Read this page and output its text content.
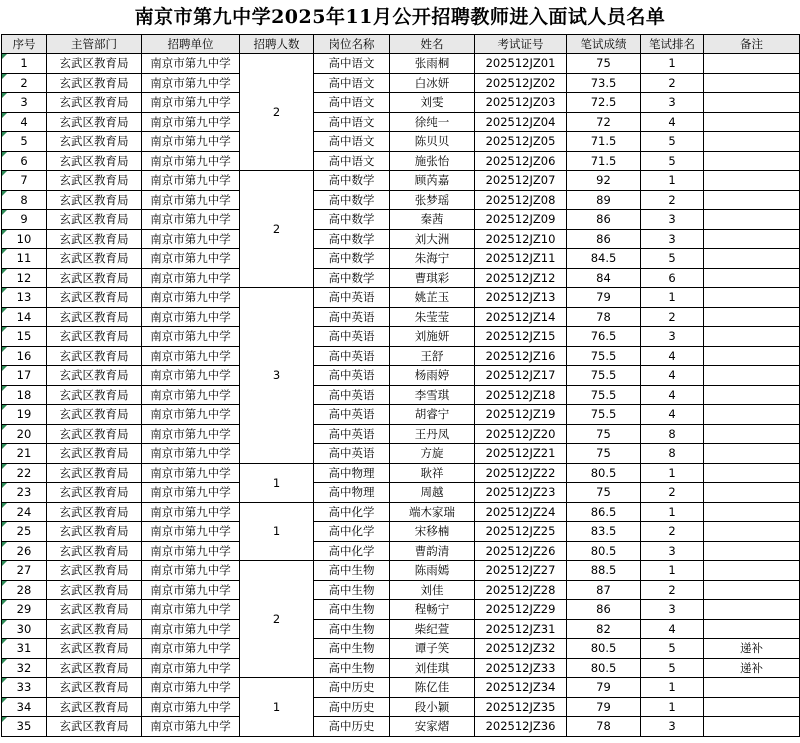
南京市第九中学2025年11月公开招聘教师进入面试人员名单
序号	主管部门	招聘单位	招聘人数	岗位名称	姓名	考试证号	笔试成绩	笔试排名	备注
1	玄武区教育局	南京市第九中学	2	高中语文	张雨桐	202512JZ01	75	1	
2	玄武区教育局	南京市第九中学		高中语文	白冰妍	202512JZ02	73.5	2	
3	玄武区教育局	南京市第九中学		高中语文	刘雯	202512JZ03	72.5	3	
4	玄武区教育局	南京市第九中学		高中语文	徐纯一	202512JZ04	72	4	
5	玄武区教育局	南京市第九中学		高中语文	陈贝贝	202512JZ05	71.5	5	
6	玄武区教育局	南京市第九中学		高中语文	施张怡	202512JZ06	71.5	5	
7	玄武区教育局	南京市第九中学	2	高中数学	顾芮嘉	202512JZ07	92	1	
8	玄武区教育局	南京市第九中学		高中数学	张梦瑶	202512JZ08	89	2	
9	玄武区教育局	南京市第九中学		高中数学	秦茜	202512JZ09	86	3	
10	玄武区教育局	南京市第九中学		高中数学	刘大洲	202512JZ10	86	3	
11	玄武区教育局	南京市第九中学		高中数学	朱海宁	202512JZ11	84.5	5	
12	玄武区教育局	南京市第九中学		高中数学	曹琪彩	202512JZ12	84	6	
13	玄武区教育局	南京市第九中学	3	高中英语	姚芷玉	202512JZ13	79	1	
14	玄武区教育局	南京市第九中学		高中英语	朱莹莹	202512JZ14	78	2	
15	玄武区教育局	南京市第九中学		高中英语	刘施妍	202512JZ15	76.5	3	
16	玄武区教育局	南京市第九中学		高中英语	王舒	202512JZ16	75.5	4	
17	玄武区教育局	南京市第九中学		高中英语	杨雨婷	202512JZ17	75.5	4	
18	玄武区教育局	南京市第九中学		高中英语	李雪琪	202512JZ18	75.5	4	
19	玄武区教育局	南京市第九中学		高中英语	胡睿宁	202512JZ19	75.5	4	
20	玄武区教育局	南京市第九中学		高中英语	王丹凤	202512JZ20	75	8	
21	玄武区教育局	南京市第九中学		高中英语	方旋	202512JZ21	75	8	
22	玄武区教育局	南京市第九中学	1	高中物理	耿祥	202512JZ22	80.5	1	
23	玄武区教育局	南京市第九中学		高中物理	周越	202512JZ23	75	2	
24	玄武区教育局	南京市第九中学	1	高中化学	端木家瑞	202512JZ24	86.5	1	
25	玄武区教育局	南京市第九中学		高中化学	宋移楠	202512JZ25	83.5	2	
26	玄武区教育局	南京市第九中学		高中化学	曹韵清	202512JZ26	80.5	3	
27	玄武区教育局	南京市第九中学	2	高中生物	陈雨嫣	202512JZ27	88.5	1	
28	玄武区教育局	南京市第九中学		高中生物	刘佳	202512JZ28	87	2	
29	玄武区教育局	南京市第九中学		高中生物	程畅宁	202512JZ29	86	3	
30	玄武区教育局	南京市第九中学		高中生物	柴纪萱	202512JZ31	82	4	
31	玄武区教育局	南京市第九中学		高中生物	谭子笑	202512JZ32	80.5	5	递补
32	玄武区教育局	南京市第九中学		高中生物	刘佳琪	202512JZ33	80.5	5	递补
33	玄武区教育局	南京市第九中学	1	高中历史	陈亿佳	202512JZ34	79	1	
34	玄武区教育局	南京市第九中学		高中历史	段小颖	202512JZ35	79	1	
35	玄武区教育局	南京市第九中学		高中历史	安家熠	202512JZ36	78	3	
